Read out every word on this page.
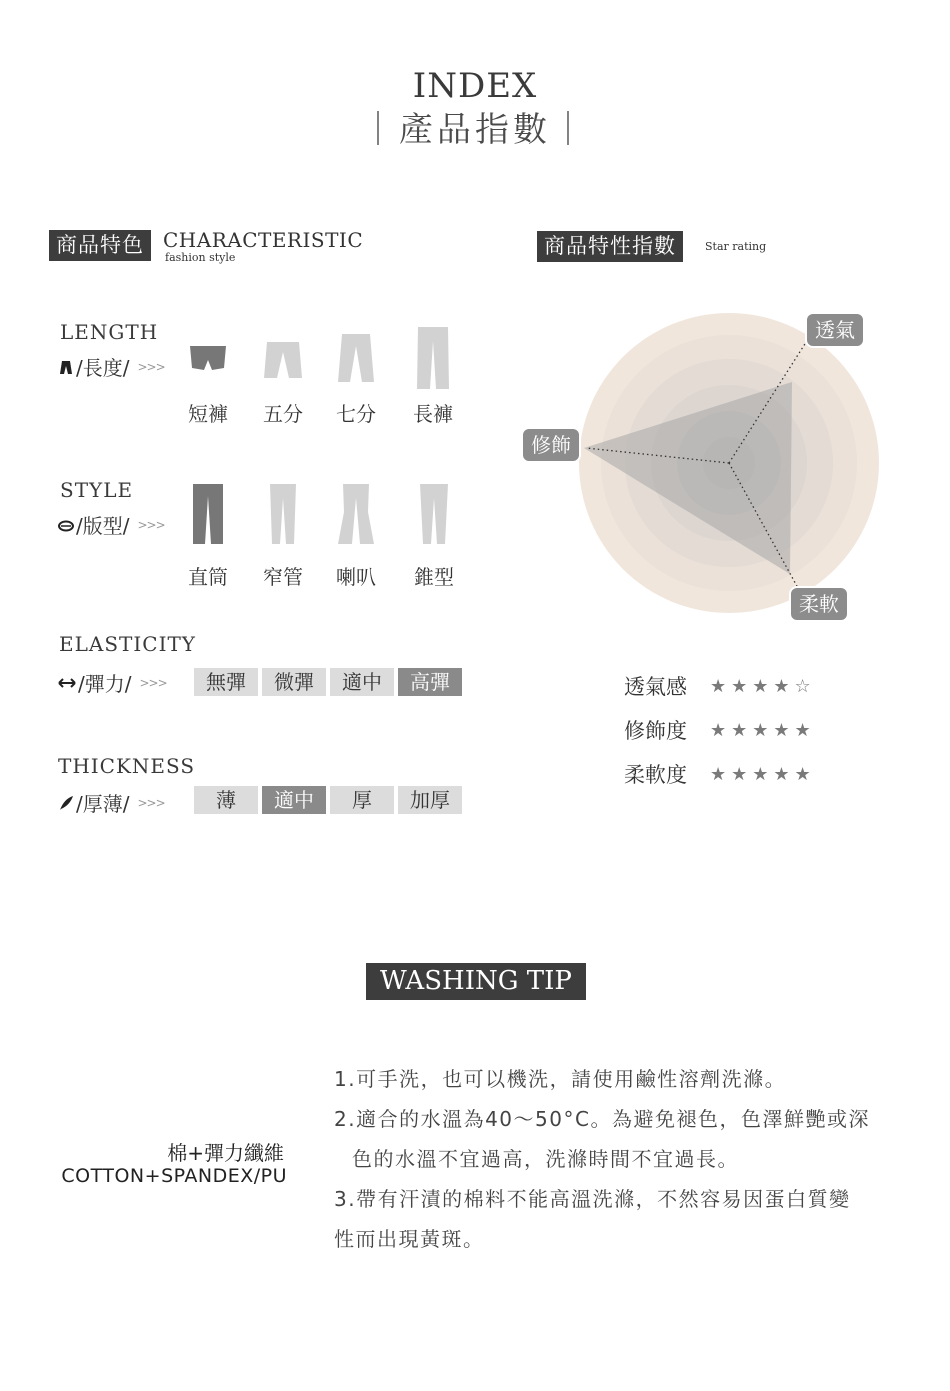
INDEX
｜產品指數｜
商品特色 CHARACTERISTIC
fashion style	商品特性指數	Star rating
LENGTH
/長度/ >>>
短褲	五分	七分	長褲
STYLE
/版型/ >>>
直筒	窄管	喇叭	錐型
ELASTICITY
/彈力/ >>>	無彈	微彈	適中	高彈
THICKNESS
/厚薄/ >>>	薄	適中	厚	加厚
透氣
修飾
柔軟
透氣感	★★★★☆
修飾度	★★★★★
柔軟度	★★★★★
WASHING TIP
棉+彈力纖維
COTTON+SPANDEX/PU
1.可手洗，也可以機洗，請使用鹼性溶劑洗滌。
2.適合的水溫為40～50°C。為避免褪色，色澤鮮艷或深
色的水溫不宜過高，洗滌時間不宜過長。
3.帶有汗漬的棉料不能高溫洗滌，不然容易因蛋白質變
性而出現黃斑。
